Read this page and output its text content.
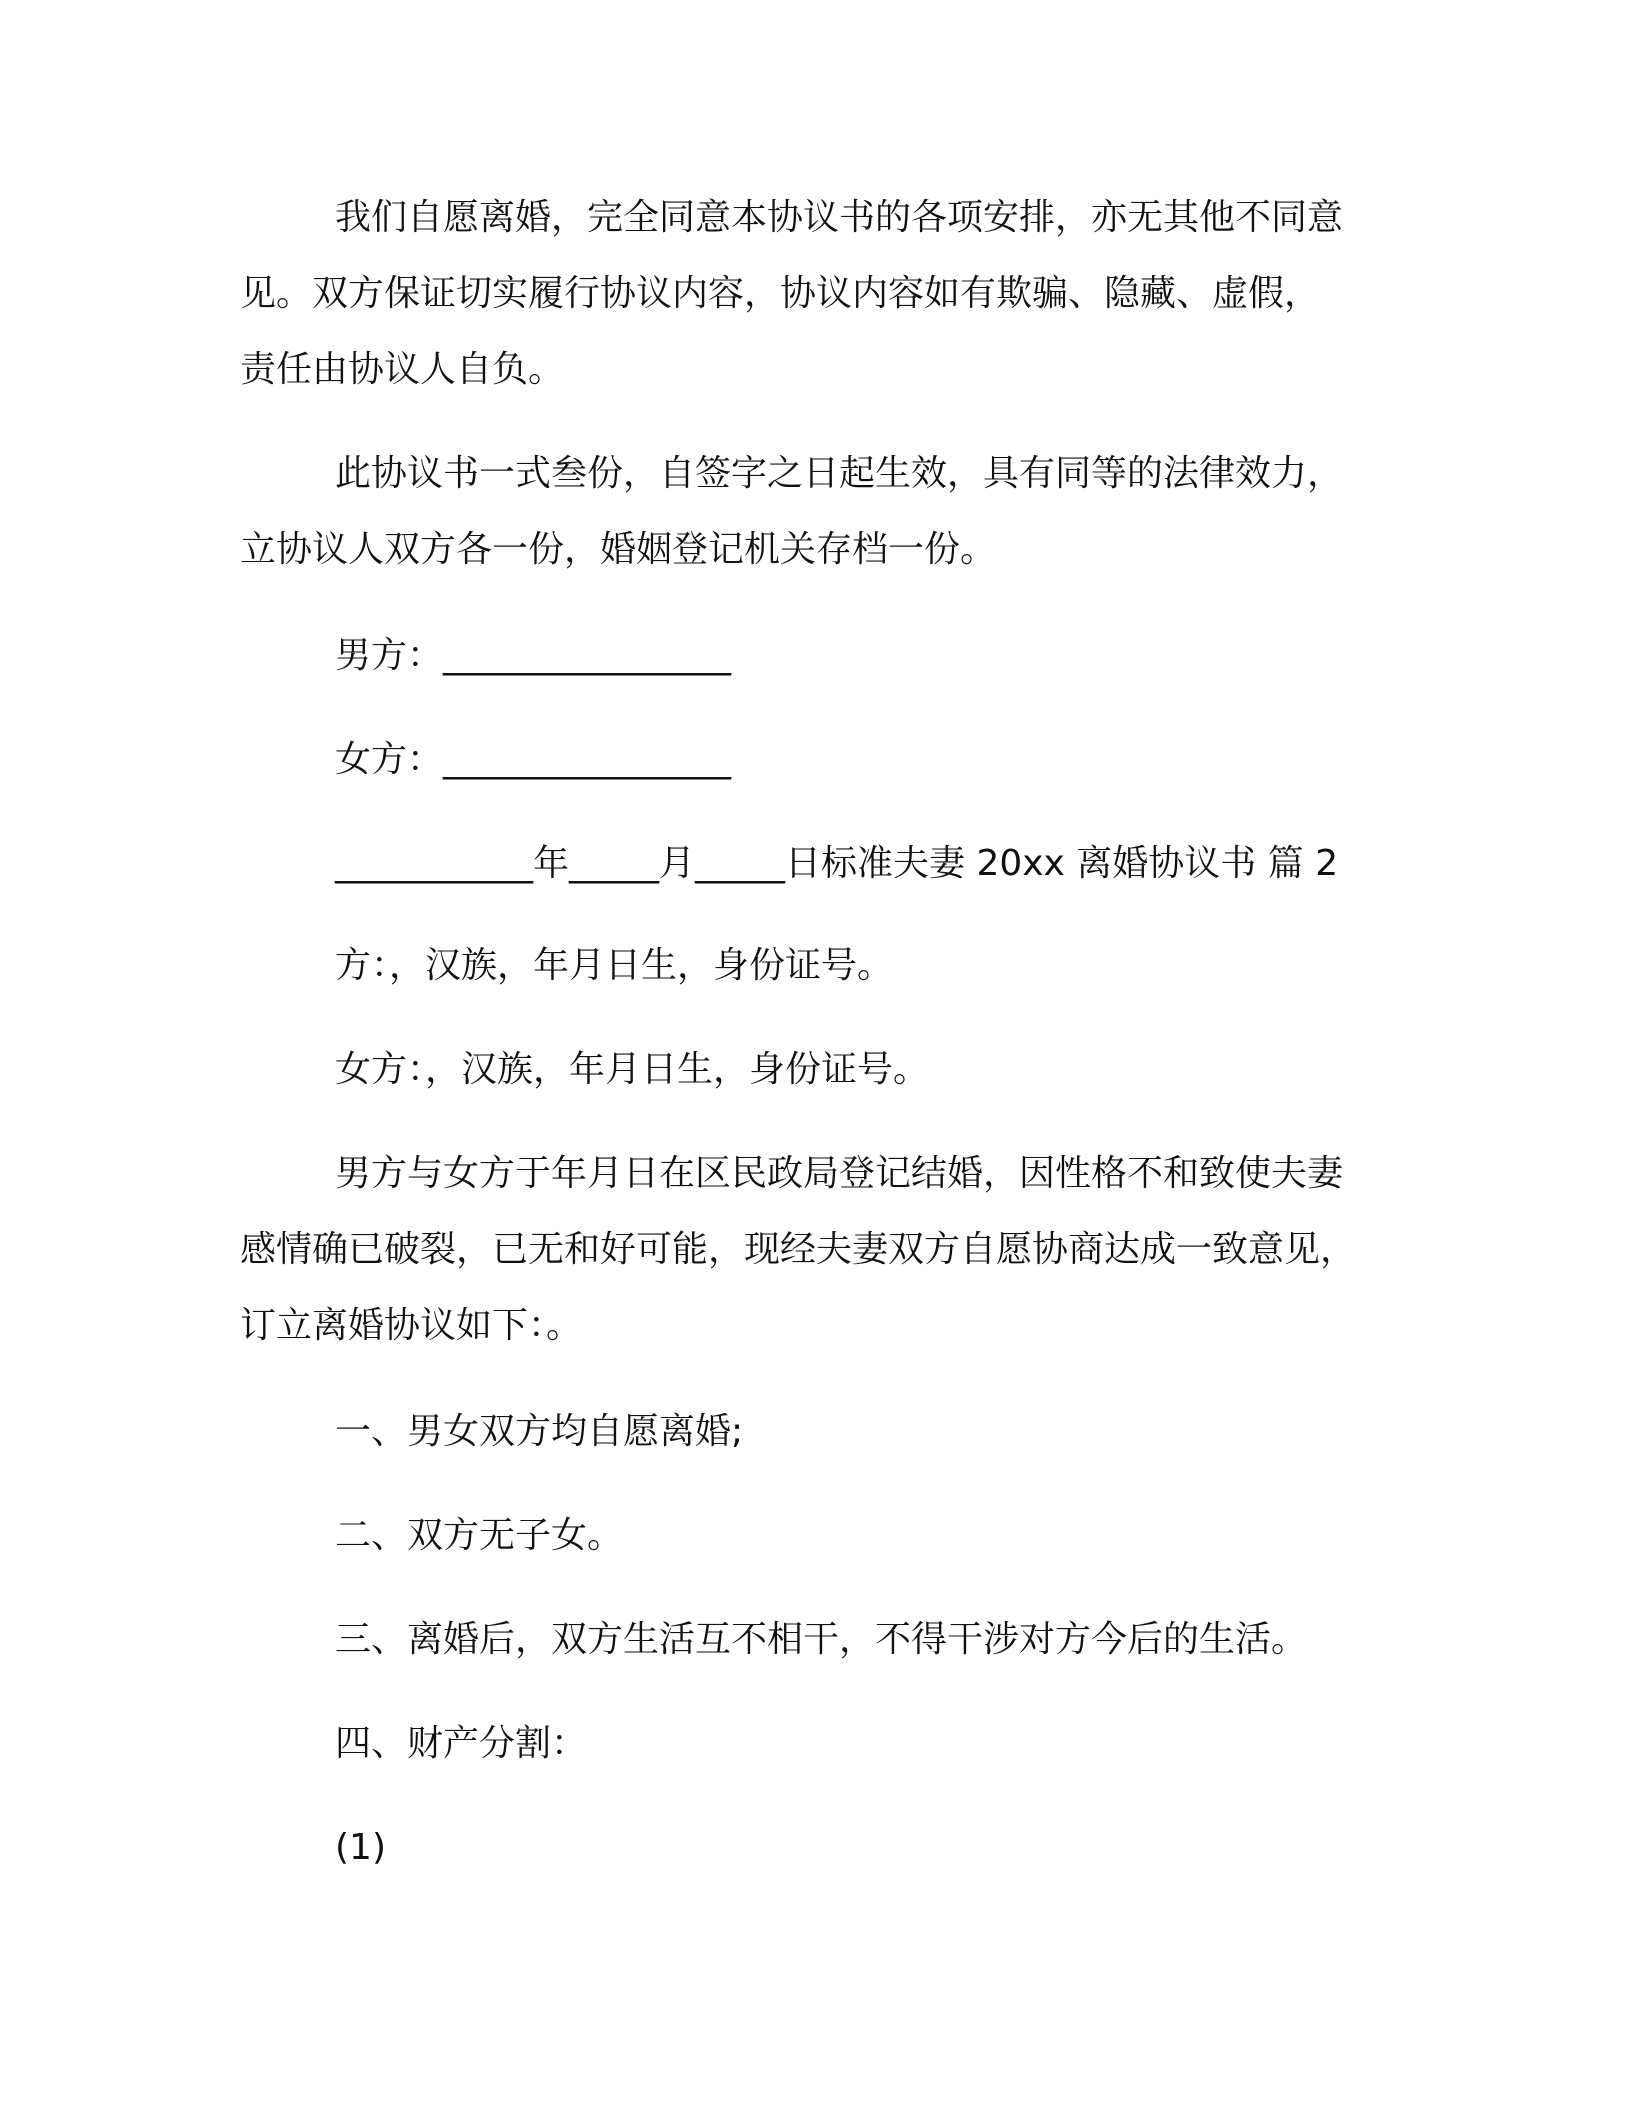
我们自愿离婚，完全同意本协议书的各项安排，亦无其他不同意
见。双方保证切实履行协议内容，协议内容如有欺骗、隐藏、虚假，
责任由协议人自负。
此协议书一式叁份，自签字之日起生效，具有同等的法律效力，
立协议人双方各一份，婚姻登记机关存档一份。
男方：________________
女方：________________
___________年_____月_____日标准夫妻 20xx 离婚协议书 篇 2
方：，汉族，年月日生，身份证号。
女方：，汉族，年月日生，身份证号。
男方与女方于年月日在区民政局登记结婚，因性格不和致使夫妻
感情确已破裂，已无和好可能，现经夫妻双方自愿协商达成一致意见，
订立离婚协议如下：。
一、男女双方均自愿离婚;
二、双方无子女。
三、离婚后，双方生活互不相干，不得干涉对方今后的生活。
四、财产分割：
(1)
